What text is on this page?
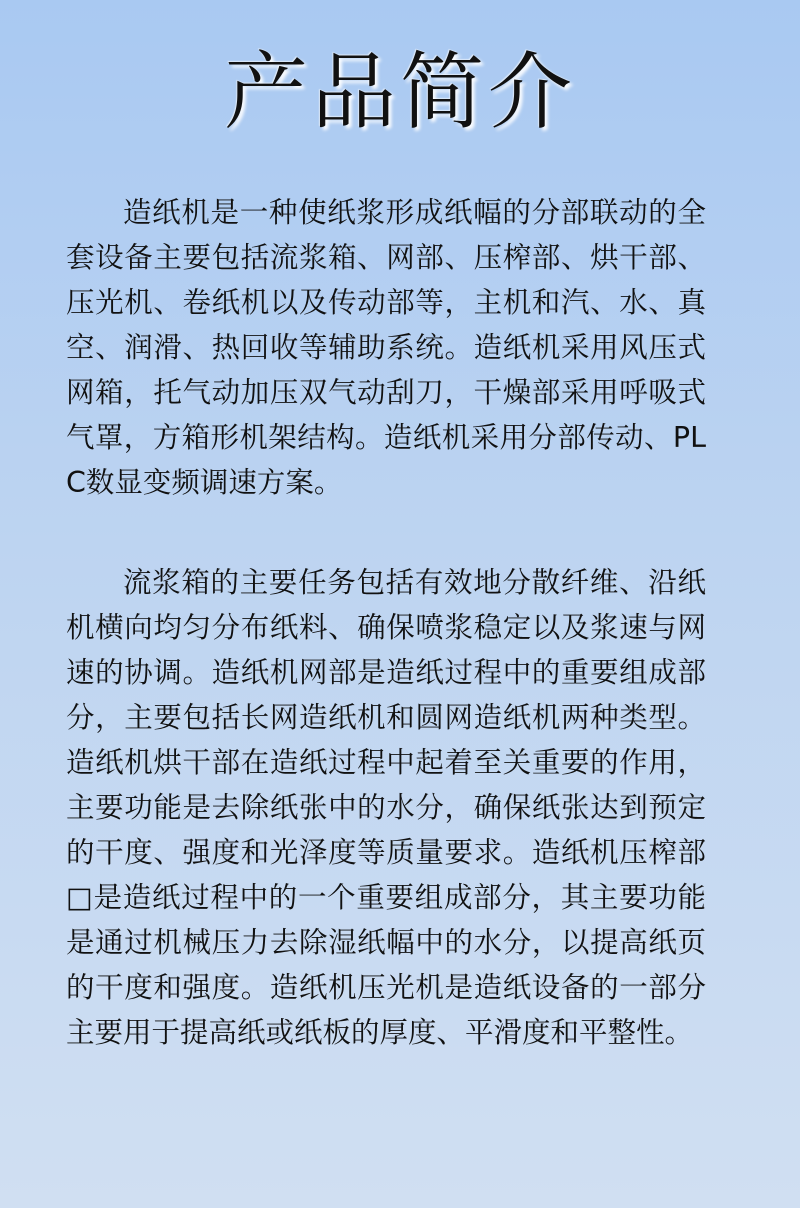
产品简介

造纸机是一种使纸浆形成纸幅的分部联动的全套设备主要包括流浆箱、网部、压榨部、烘干部、压光机、卷纸机以及传动部等，主机和汽、水、真空、润滑、热回收等辅助系统。造纸机采用风压式网箱，托气动加压双气动刮刀，干燥部采用呼吸式气罩，方箱形机架结构。造纸机采用分部传动、PLC数显变频调速方案。

流浆箱的主要任务包括有效地分散纤维、沿纸机横向均匀分布纸料、确保喷浆稳定以及浆速与网速的协调。造纸机网部是造纸过程中的重要组成部分，主要包括长网造纸机和圆网造纸机两种类型。造纸机烘干部在造纸过程中起着至关重要的作用，主要功能是去除纸张中的水分，确保纸张达到预定的干度、强度和光泽度等质量要求。造纸机压榨部□是造纸过程中的一个重要组成部分，其主要功能是通过机械压力去除湿纸幅中的水分，以提高纸页的干度和强度。造纸机压光机是造纸设备的一部分主要用于提高纸或纸板的厚度、平滑度和平整性。
